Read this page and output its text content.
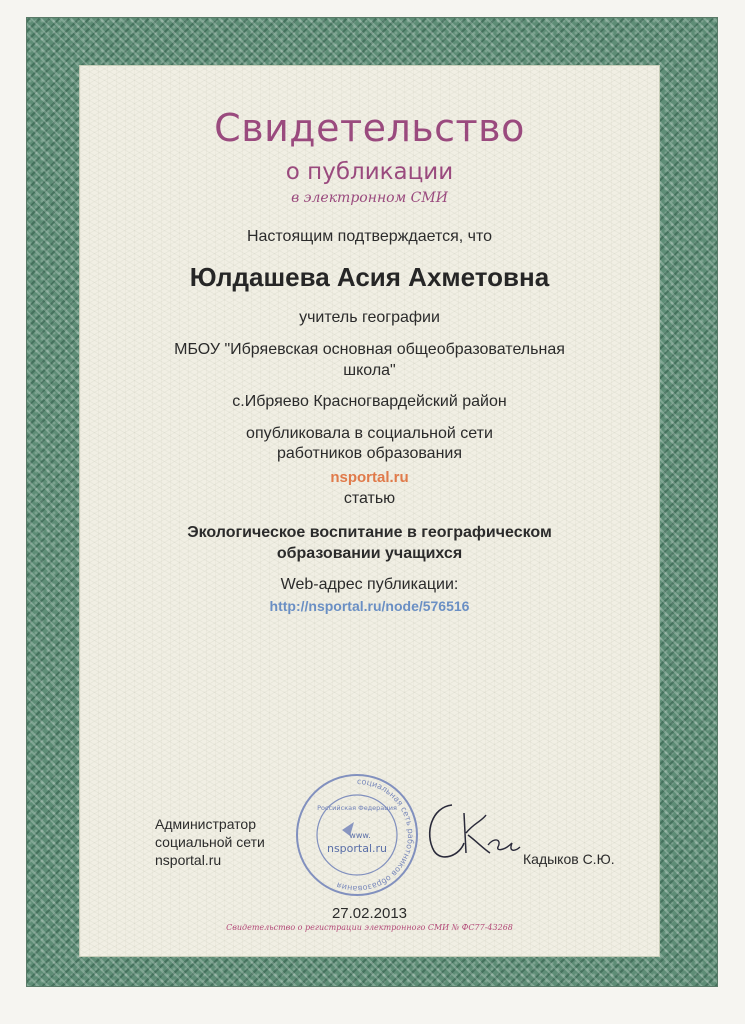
Свидетельство
о публикации
в электронном СМИ
Настоящим подтверждается, что
Юлдашева Асия Ахметовна
учитель географии
МБОУ "Ибряевская основная общеобразовательная
школа"
с.Ибряево Красногвардейский район
опубликовала в социальной сети
работников образования
nsportal.ru
статью
Экологическое воспитание в географическом
образовании учащихся
Web-адрес публикации:
http://nsportal.ru/node/576516
Администратор
социальной сети
nsportal.ru
социальная сеть работников образования
Российская Федерация
www.
nsportal.ru
Кадыков С.Ю.
27.02.2013
Свидетельство о регистрации электронного СМИ № ФС77-43268
